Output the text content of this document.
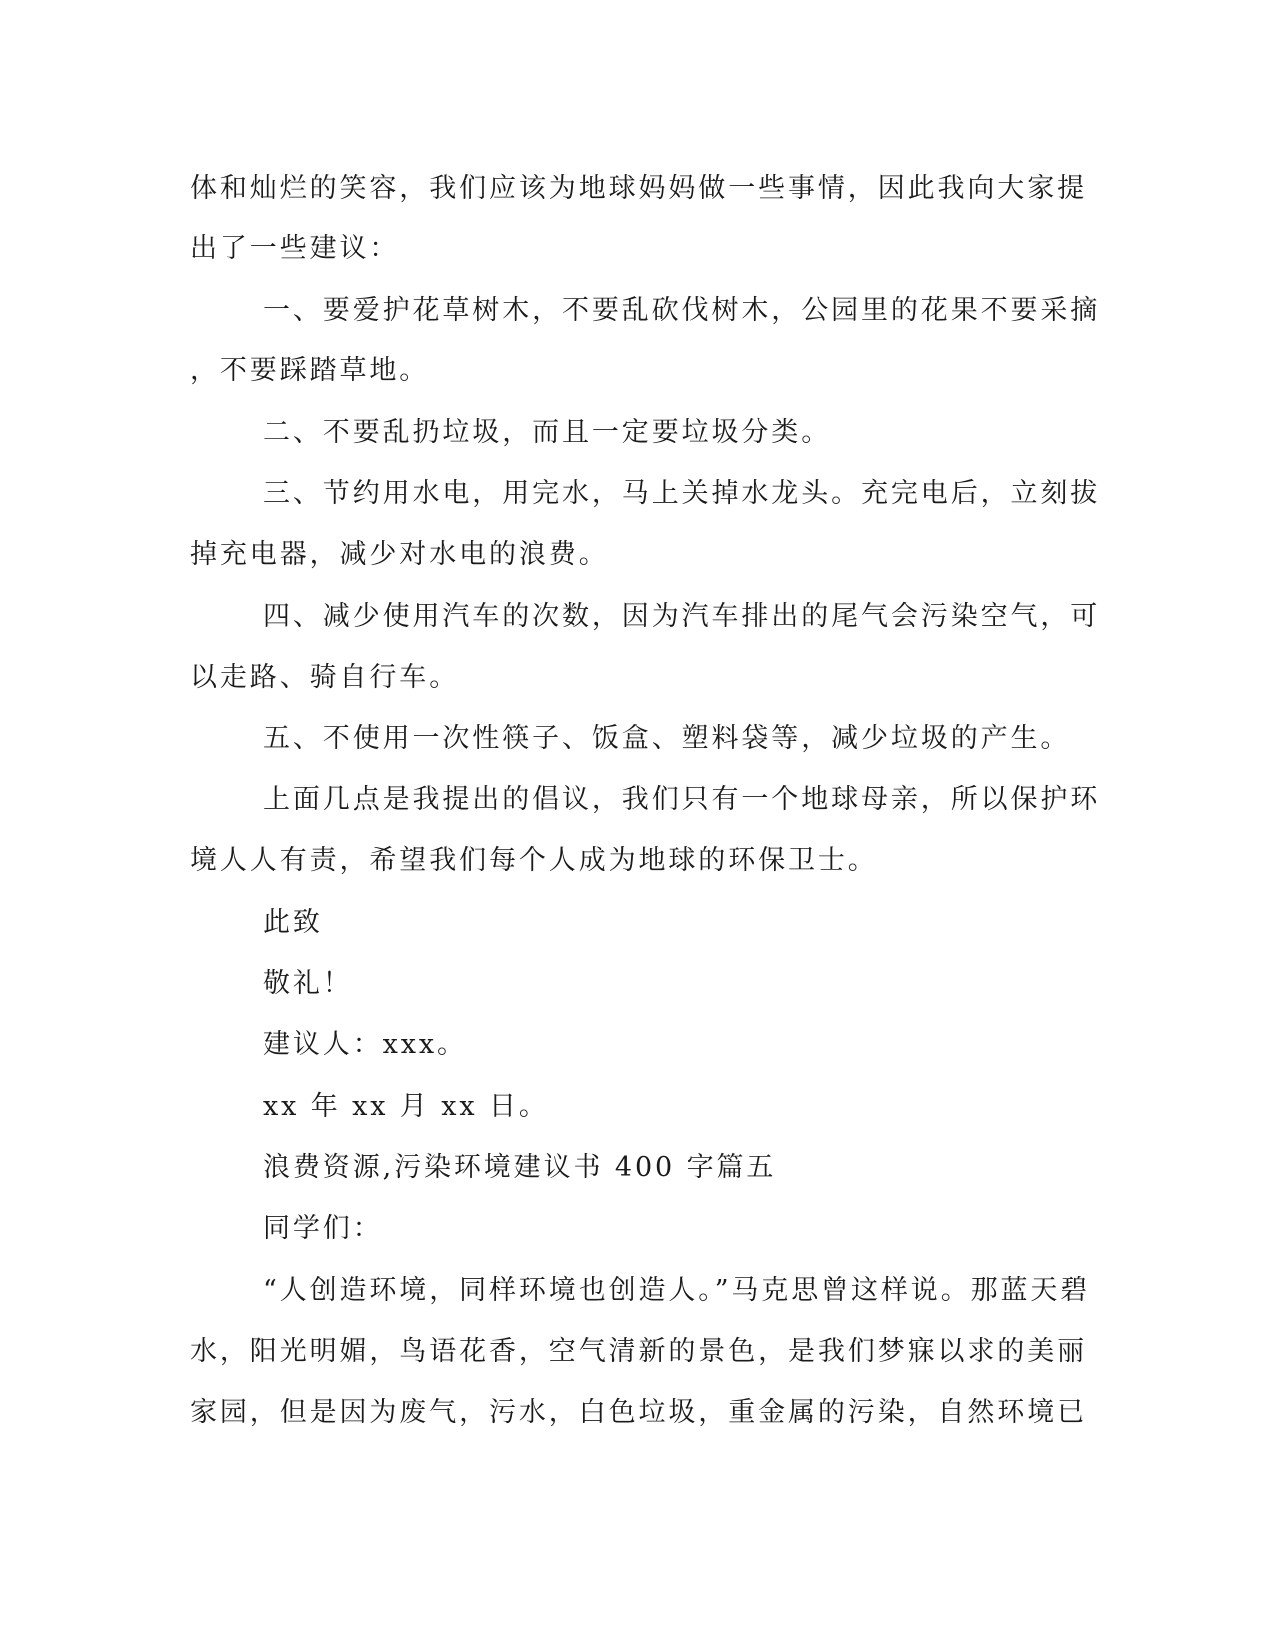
体和灿烂的笑容，我们应该为地球妈妈做一些事情，因此我向大家提
出了一些建议：
一、要爱护花草树木，不要乱砍伐树木，公园里的花果不要采摘
，不要踩踏草地。
二、不要乱扔垃圾，而且一定要垃圾分类。
三、节约用水电，用完水，马上关掉水龙头。充完电后，立刻拔
掉充电器，减少对水电的浪费。
四、减少使用汽车的次数，因为汽车排出的尾气会污染空气，可
以走路、骑自行车。
五、不使用一次性筷子、饭盒、塑料袋等，减少垃圾的产生。
上面几点是我提出的倡议，我们只有一个地球母亲，所以保护环
境人人有责，希望我们每个人成为地球的环保卫士。
此致
敬礼！
建议人：xxx。
xx 年 xx 月 xx 日。
浪费资源,污染环境建议书 400 字篇五
同学们：
“人创造环境，同样环境也创造人。”马克思曾这样说。那蓝天碧
水，阳光明媚，鸟语花香，空气清新的景色，是我们梦寐以求的美丽
家园，但是因为废气，污水，白色垃圾，重金属的污染，自然环境已
